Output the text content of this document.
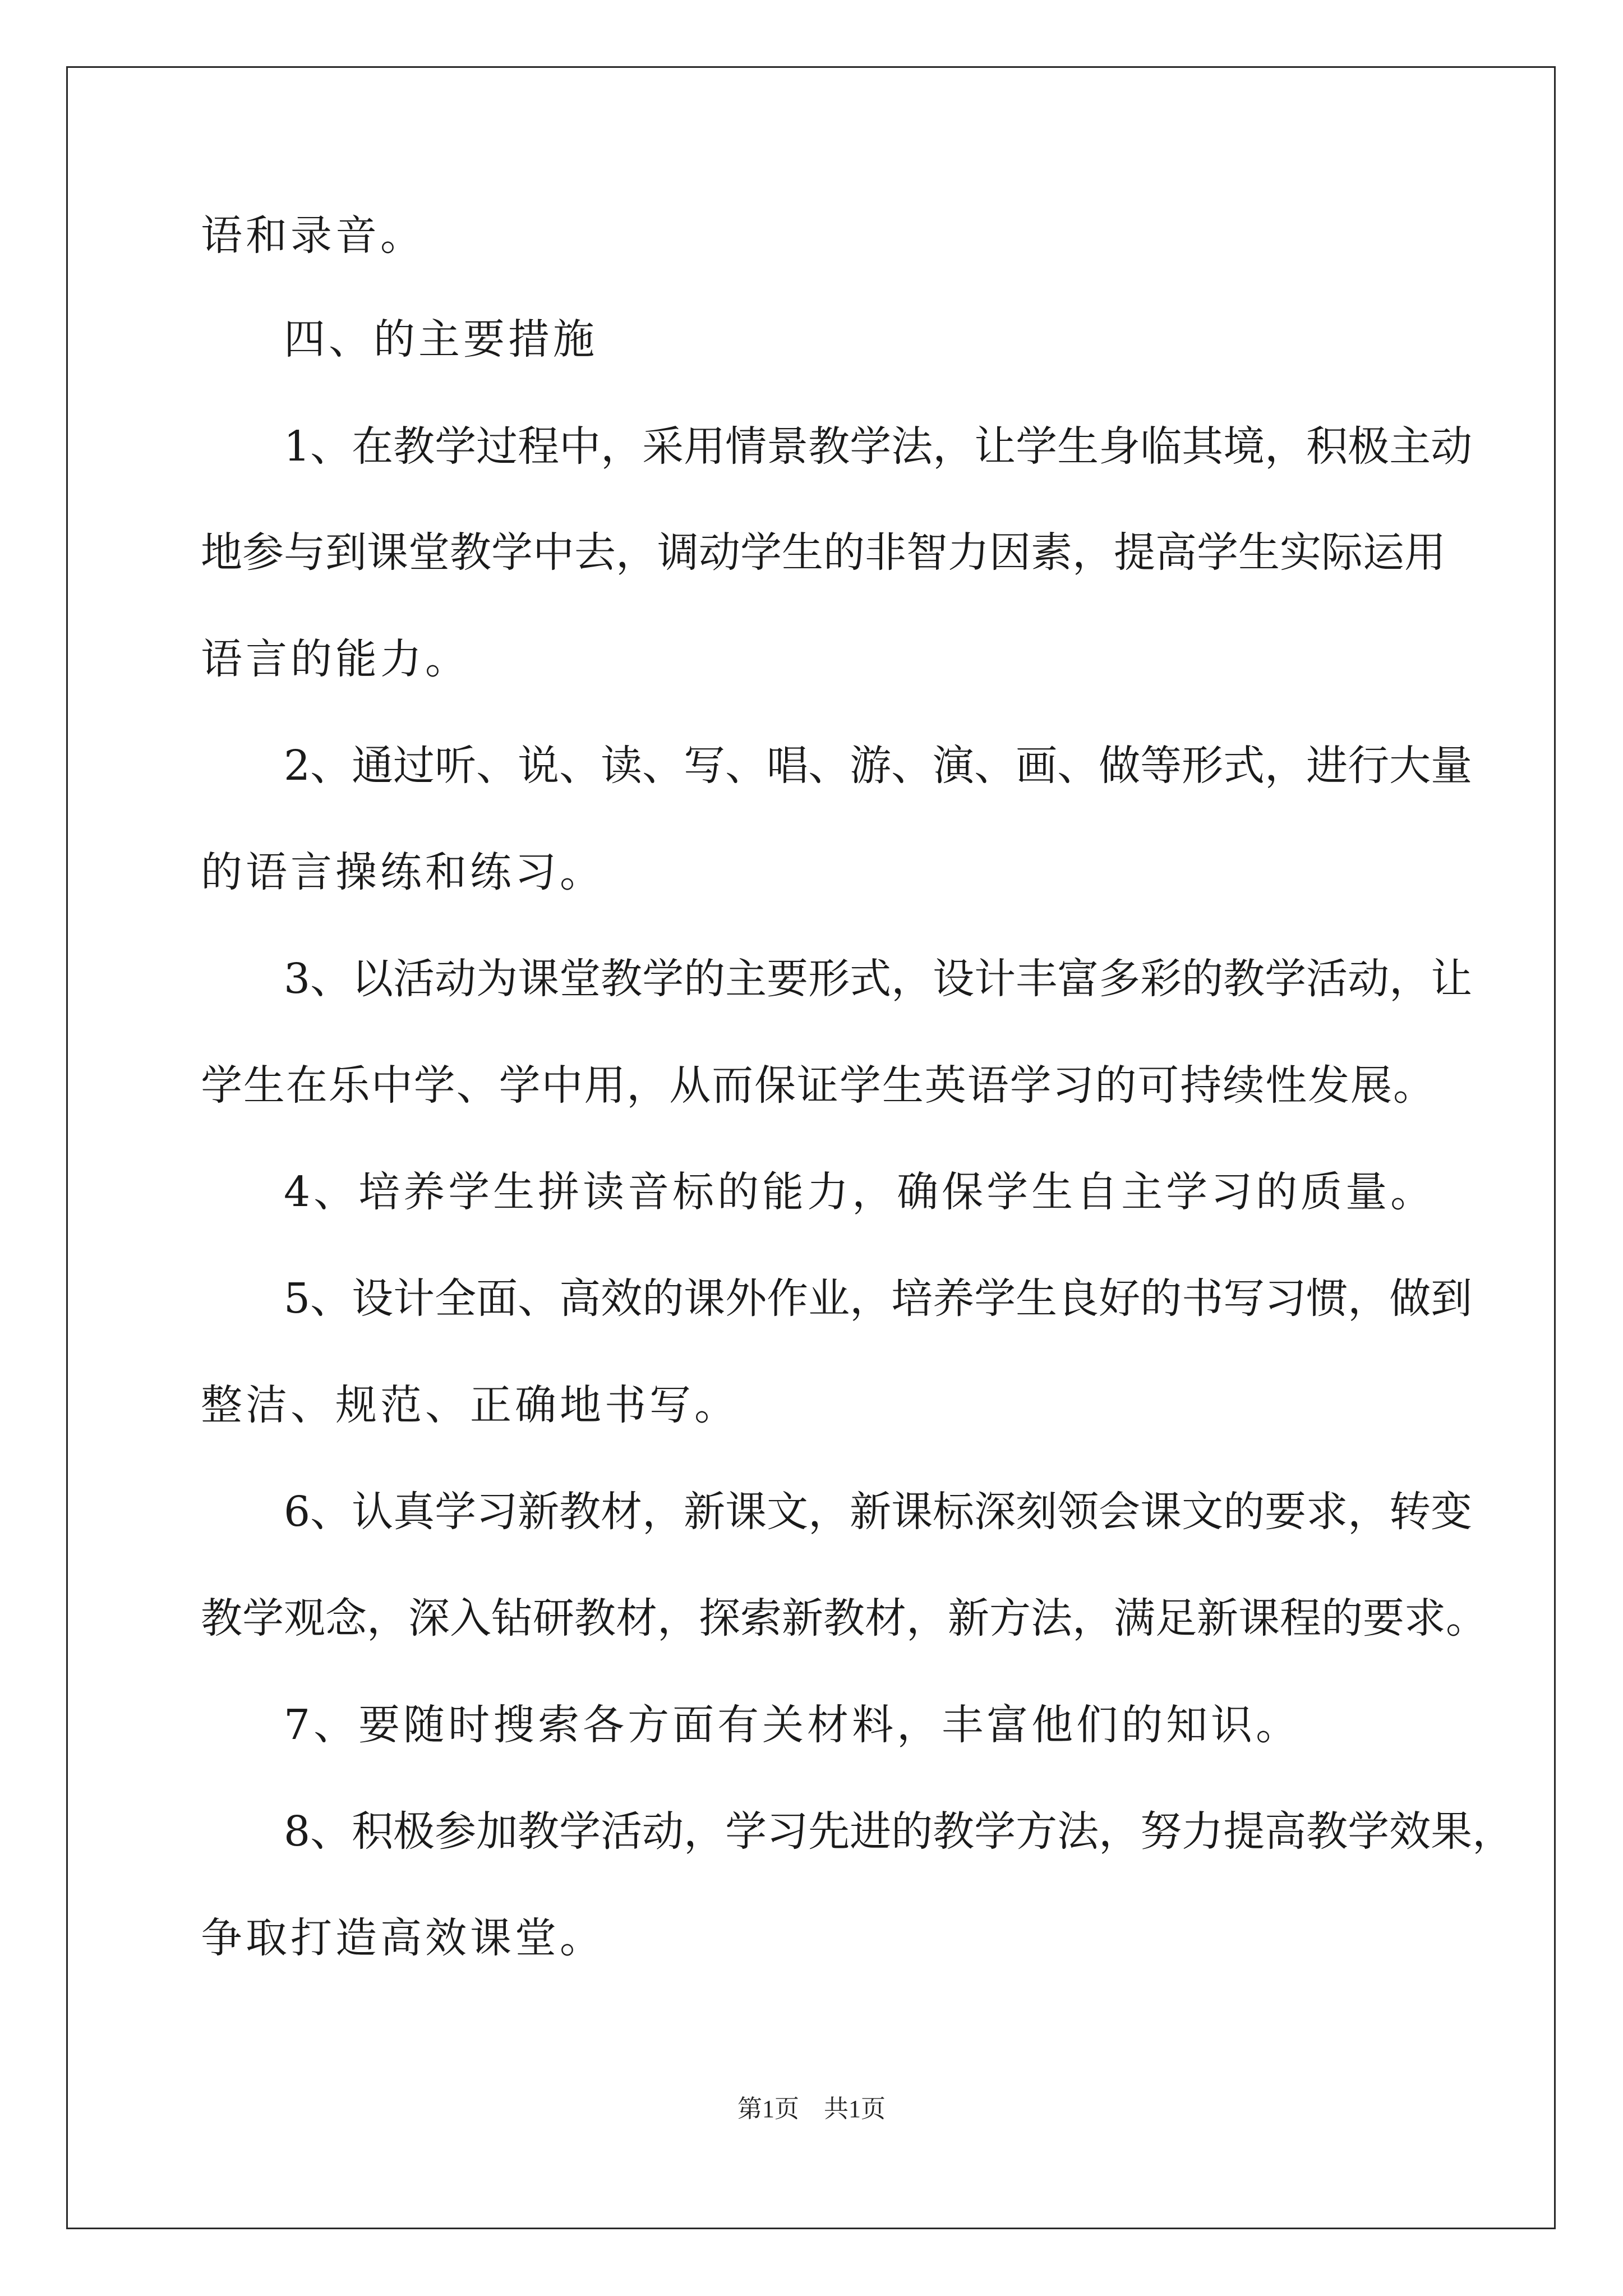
语和录音。
四、的主要措施
1、在教学过程中，采用情景教学法，让学生身临其境，积极主动
地参与到课堂教学中去，调动学生的非智力因素，提高学生实际运用
语言的能力。
2、通过听、说、读、写、唱、游、演、画、做等形式，进行大量
的语言操练和练习。
3、以活动为课堂教学的主要形式，设计丰富多彩的教学活动，让
学生在乐中学、学中用，从而保证学生英语学习的可持续性发展。
4、培养学生拼读音标的能力，确保学生自主学习的质量。
5、设计全面、高效的课外作业，培养学生良好的书写习惯，做到
整洁、规范、正确地书写。
6、认真学习新教材，新课文，新课标深刻领会课文的要求，转变
教学观念，深入钻研教材，探索新教材，新方法，满足新课程的要求。
7、要随时搜索各方面有关材料，丰富他们的知识。
8、积极参加教学活动，学习先进的教学方法，努力提高教学效果，
争取打造高效课堂。
第1页　共1页
